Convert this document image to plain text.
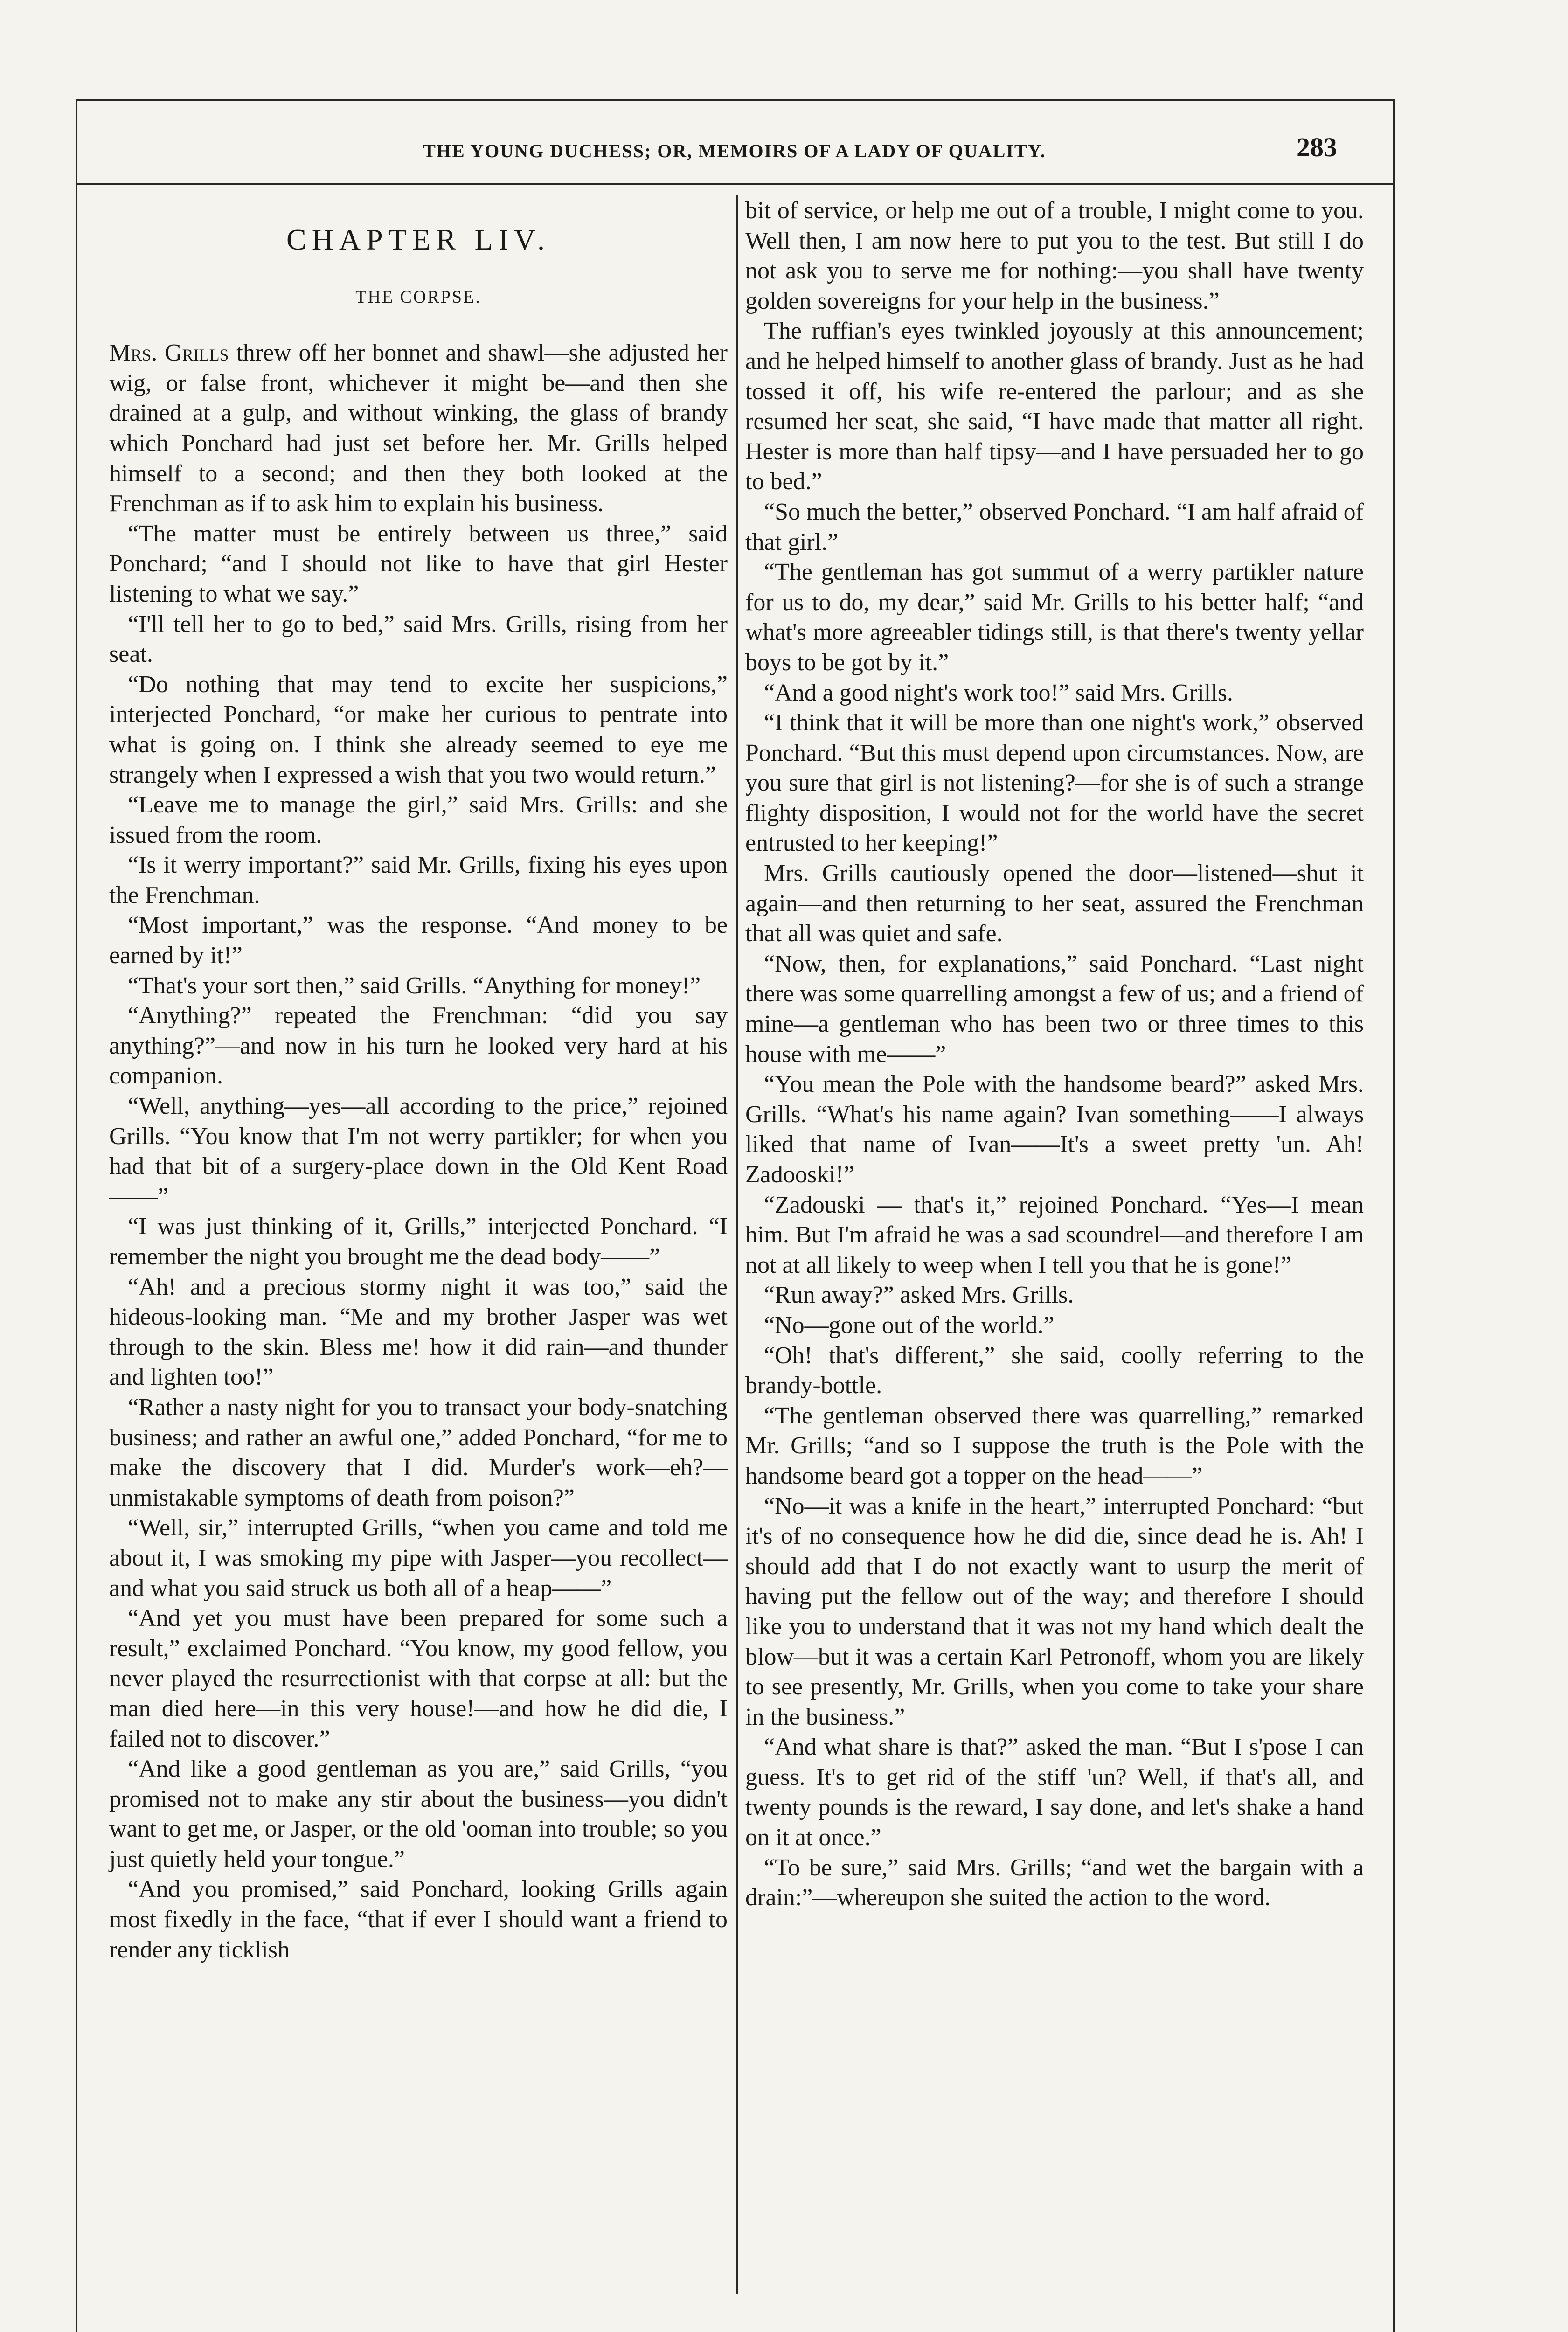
THE YOUNG DUCHESS; OR, MEMOIRS OF A LADY OF QUALITY.	283
CHAPTER LIV.
THE CORPSE.

Mrs. Grills threw off her bonnet and shawl—she adjusted her wig, or false front, whichever it might be—and then she drained at a gulp, and without winking, the glass of brandy which Ponchard had just set before her. Mr. Grills helped himself to a second; and then they both looked at the Frenchman as if to ask him to explain his business.

“The matter must be entirely between us three,” said Ponchard; “and I should not like to have that girl Hester listening to what we say.”

“I'll tell her to go to bed,” said Mrs. Grills, rising from her seat.

“Do nothing that may tend to excite her suspicions,” interjected Ponchard, “or make her curious to pentrate into what is going on. I think she already seemed to eye me strangely when I expressed a wish that you two would return.”

“Leave me to manage the girl,” said Mrs. Grills: and she issued from the room.

“Is it werry important?” said Mr. Grills, fixing his eyes upon the Frenchman.

“Most important,” was the response. “And money to be earned by it!”

“That's your sort then,” said Grills. “Anything for money!”

“Anything?” repeated the Frenchman: “did you say anything?”—and now in his turn he looked very hard at his companion.

“Well, anything—yes—all according to the price,” rejoined Grills. “You know that I'm not werry partikler; for when you had that bit of a surgery-place down in the Old Kent Road——”

“I was just thinking of it, Grills,” interjected Ponchard. “I remember the night you brought me the dead body——”

“Ah! and a precious stormy night it was too,” said the hideous-looking man. “Me and my brother Jasper was wet through to the skin. Bless me! how it did rain—and thunder and lighten too!”

“Rather a nasty night for you to transact your body-snatching business; and rather an awful one,” added Ponchard, “for me to make the discovery that I did. Murder's work—eh?—unmistakable symptoms of death from poison?”

“Well, sir,” interrupted Grills, “when you came and told me about it, I was smoking my pipe with Jasper—you recollect—and what you said struck us both all of a heap——”

“And yet you must have been prepared for some such a result,” exclaimed Ponchard. “You know, my good fellow, you never played the resurrectionist with that corpse at all: but the man died here—in this very house!—and how he did die, I failed not to discover.”

“And like a good gentleman as you are,” said Grills, “you promised not to make any stir about the business—you didn't want to get me, or Jasper, or the old 'ooman into trouble; so you just quietly held your tongue.”

“And you promised,” said Ponchard, looking Grills again most fixedly in the face, “that if ever I should want a friend to render any ticklish

bit of service, or help me out of a trouble, I might come to you. Well then, I am now here to put you to the test. But still I do not ask you to serve me for nothing:—you shall have twenty golden sovereigns for your help in the business.”

The ruffian's eyes twinkled joyously at this announcement; and he helped himself to another glass of brandy. Just as he had tossed it off, his wife re-entered the parlour; and as she resumed her seat, she said, “I have made that matter all right. Hester is more than half tipsy—and I have persuaded her to go to bed.”

“So much the better,” observed Ponchard. “I am half afraid of that girl.”

“The gentleman has got summut of a werry partikler nature for us to do, my dear,” said Mr. Grills to his better half; “and what's more agreeabler tidings still, is that there's twenty yellar boys to be got by it.”

“And a good night's work too!” said Mrs. Grills.

“I think that it will be more than one night's work,” observed Ponchard. “But this must depend upon circumstances. Now, are you sure that girl is not listening?—for she is of such a strange flighty disposition, I would not for the world have the secret entrusted to her keeping!”

Mrs. Grills cautiously opened the door—listened—shut it again—and then returning to her seat, assured the Frenchman that all was quiet and safe.

“Now, then, for explanations,” said Ponchard. “Last night there was some quarrelling amongst a few of us; and a friend of mine—a gentleman who has been two or three times to this house with me——”

“You mean the Pole with the handsome beard?” asked Mrs. Grills. “What's his name again? Ivan something——I always liked that name of Ivan——It's a sweet pretty 'un. Ah! Zadooski!”

“Zadouski — that's it,” rejoined Ponchard. “Yes—I mean him. But I'm afraid he was a sad scoundrel—and therefore I am not at all likely to weep when I tell you that he is gone!”

“Run away?” asked Mrs. Grills.

“No—gone out of the world.”

“Oh! that's different,” she said, coolly referring to the brandy-bottle.

“The gentleman observed there was quarrelling,” remarked Mr. Grills; “and so I suppose the truth is the Pole with the handsome beard got a topper on the head——”

“No—it was a knife in the heart,” interrupted Ponchard: “but it's of no consequence how he did die, since dead he is. Ah! I should add that I do not exactly want to usurp the merit of having put the fellow out of the way; and therefore I should like you to understand that it was not my hand which dealt the blow—but it was a certain Karl Petronoff, whom you are likely to see presently, Mr. Grills, when you come to take your share in the business.”

“And what share is that?” asked the man. “But I s'pose I can guess. It's to get rid of the stiff 'un? Well, if that's all, and twenty pounds is the reward, I say done, and let's shake a hand on it at once.”

“To be sure,” said Mrs. Grills; “and wet the bargain with a drain:”—whereupon she suited the action to the word.
